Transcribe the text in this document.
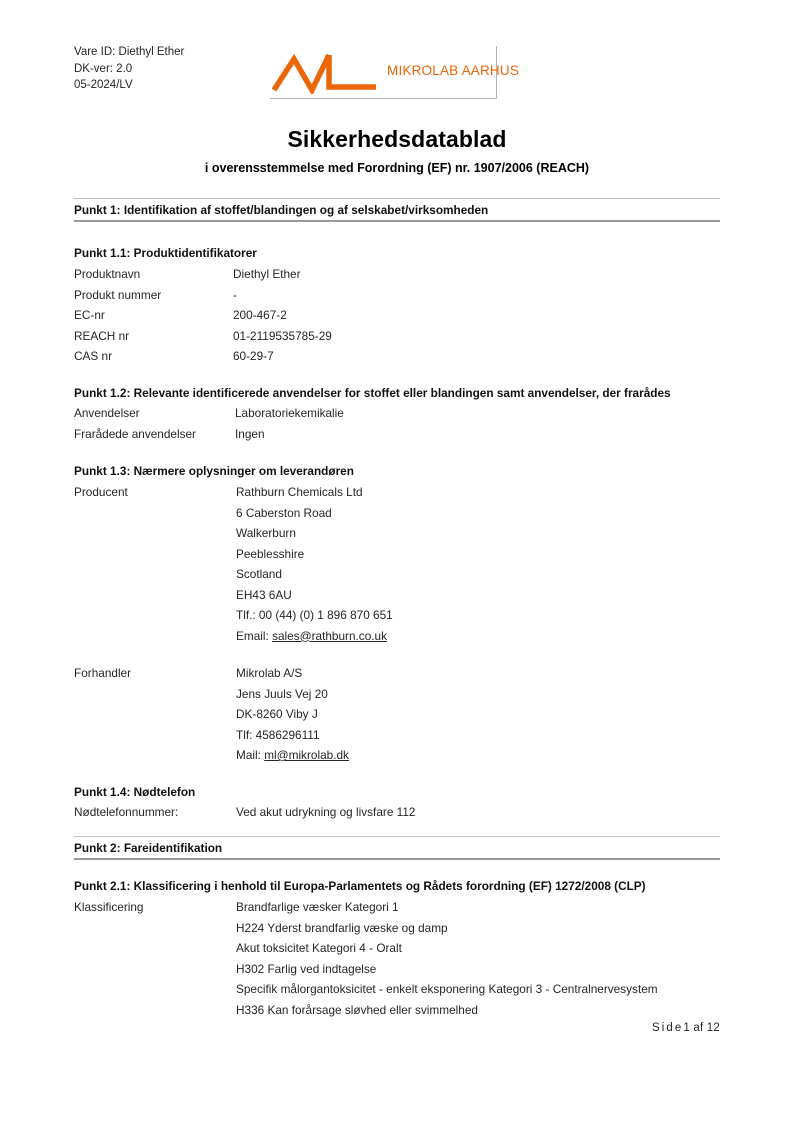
Vare ID: Diethyl Ether
DK-ver: 2.0
05-2024/LV
MIKROLAB AARHUS
Sikkerhedsdatablad
i overensstemmelse med Forordning (EF) nr. 1907/2006 (REACH)
Punkt 1: Identifikation af stoffet/blandingen og af selskabet/virksomheden
Punkt 1.1: Produktidentifikatorer
Produktnavn	Diethyl Ether
Produkt nummer	-
EC-nr	200-467-2
REACH nr	01-2119535785-29
CAS nr	60-29-7
Punkt 1.2: Relevante identificerede anvendelser for stoffet eller blandingen samt anvendelser, der frarådes
Anvendelser	Laboratoriekemikalie
Frarådede anvendelser	Ingen
Punkt 1.3: Nærmere oplysninger om leverandøren
Producent	Rathburn Chemicals Ltd
6 Caberston Road
Walkerburn
Peeblesshire
Scotland
EH43 6AU
Tlf.: 00 (44) (0) 1 896 870 651
Email: sales@rathburn.co.uk
Forhandler	Mikrolab A/S
Jens Juuls Vej 20
DK-8260 Viby J
Tlf: 4586296111
Mail: ml@mikrolab.dk
Punkt 1.4: Nødtelefon
Nødtelefonnummer:	Ved akut udrykning og livsfare 112
Punkt 2: Fareidentifikation
Punkt 2.1: Klassificering i henhold til Europa-Parlamentets og Rådets forordning (EF) 1272/2008 (CLP)
Klassificering	Brandfarlige væsker Kategori 1
H224 Yderst brandfarlig væske og damp
Akut toksicitet Kategori 4 - Oralt
H302 Farlig ved indtagelse
Specifik målorgantoksicitet - enkelt eksponering Kategori 3 - Centralnervesystem
H336 Kan forårsage sløvhed eller svimmelhed
Side1 af 12
